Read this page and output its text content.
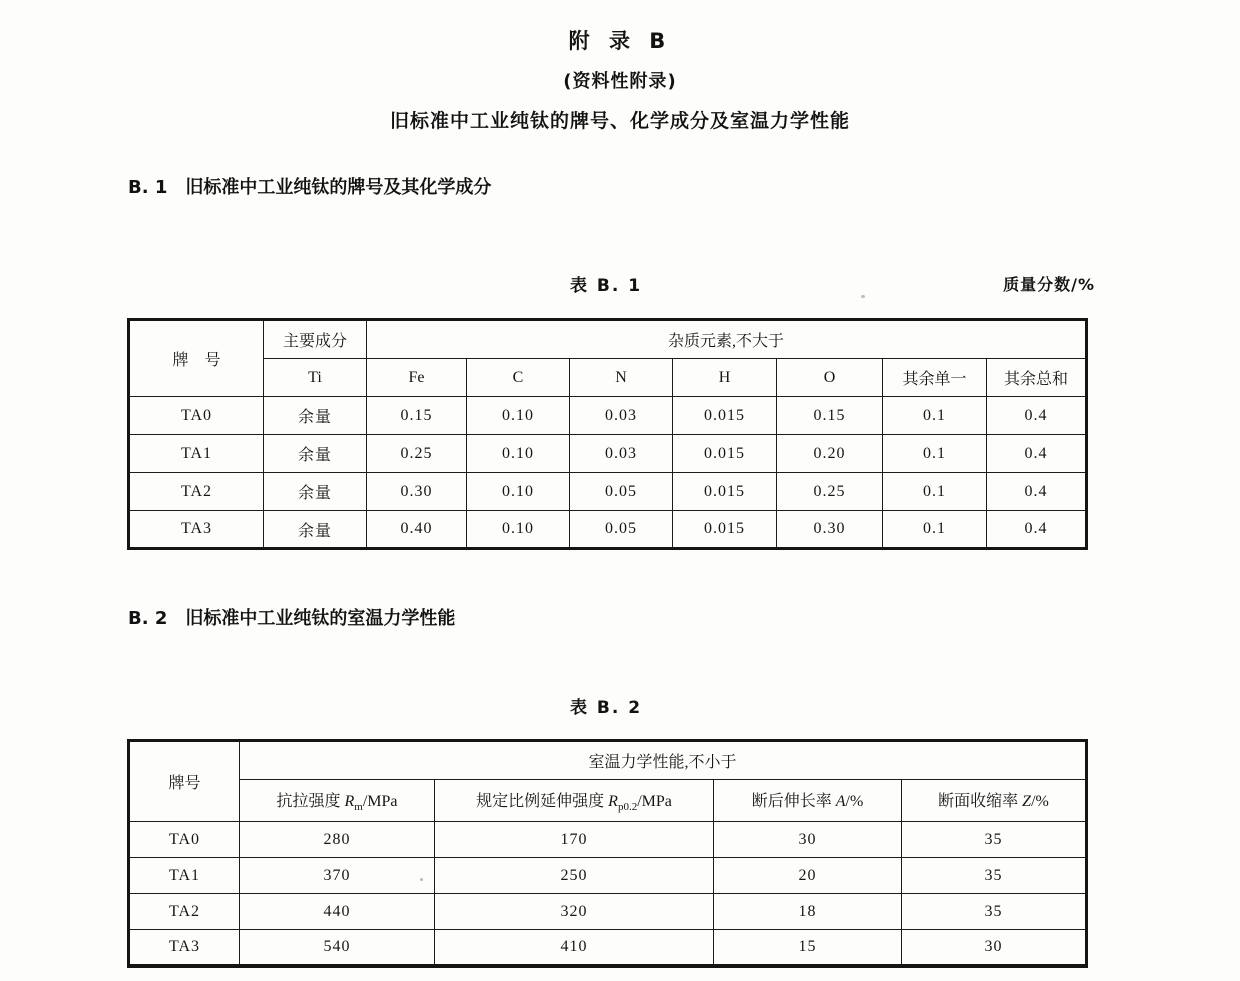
附 录 B
(资料性附录)
旧标准中工业纯钛的牌号、化学成分及室温力学性能
B. 1 旧标准中工业纯钛的牌号及其化学成分
表 B. 1	质量分数/%
牌　号	主要成分	杂质元素,不大于						
	Ti	Fe	C	N	H	O	其余单一	其余总和
TA0	余量	0.15	0.10	0.03	0.015	0.15	0.1	0.4
TA1	余量	0.25	0.10	0.03	0.015	0.20	0.1	0.4
TA2	余量	0.30	0.10	0.05	0.015	0.25	0.1	0.4
TA3	余量	0.40	0.10	0.05	0.015	0.30	0.1	0.4
B. 2 旧标准中工业纯钛的室温力学性能
表 B. 2
牌号	室温力学性能,不小于			
	抗拉强度 $R_m$/MPa	规定比例延伸强度 $R_{p0.2}$/MPa	断后伸长率 A/%	断面收缩率 Z/%
TA0	280	170	30	35
TA1	370	250	20	35
TA2	440	320	18	35
TA3	540	410	15	30
